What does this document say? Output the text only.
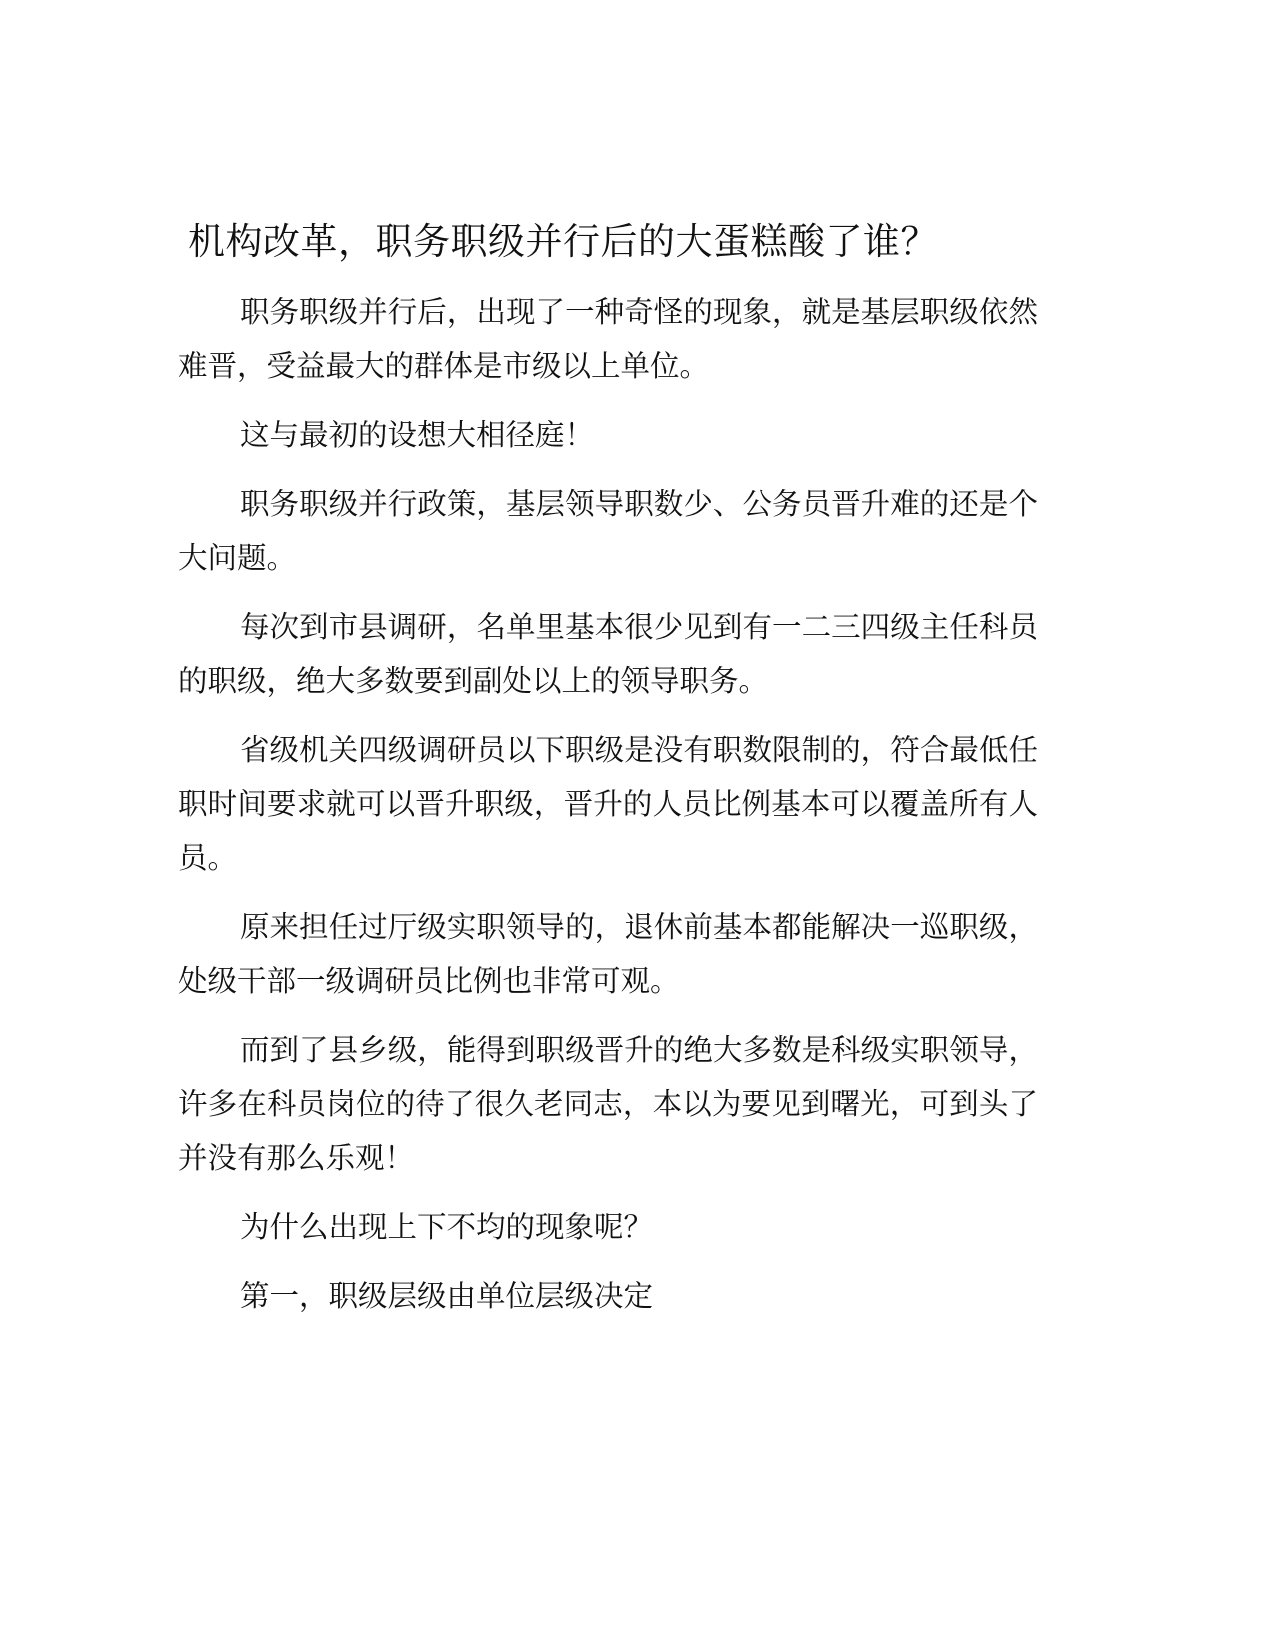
机构改革，职务职级并行后的大蛋糕酸了谁？

职务职级并行后，出现了一种奇怪的现象，就是基层职级依然难晋，受益最大的群体是市级以上单位。

这与最初的设想大相径庭！

职务职级并行政策，基层领导职数少、公务员晋升难的还是个大问题。

每次到市县调研，名单里基本很少见到有一二三四级主任科员的职级，绝大多数要到副处以上的领导职务。

省级机关四级调研员以下职级是没有职数限制的，符合最低任职时间要求就可以晋升职级，晋升的人员比例基本可以覆盖所有人员。

原来担任过厅级实职领导的，退休前基本都能解决一巡职级，处级干部一级调研员比例也非常可观。

而到了县乡级，能得到职级晋升的绝大多数是科级实职领导，许多在科员岗位的待了很久老同志，本以为要见到曙光，可到头了并没有那么乐观！

为什么出现上下不均的现象呢？

第一，职级层级由单位层级决定
